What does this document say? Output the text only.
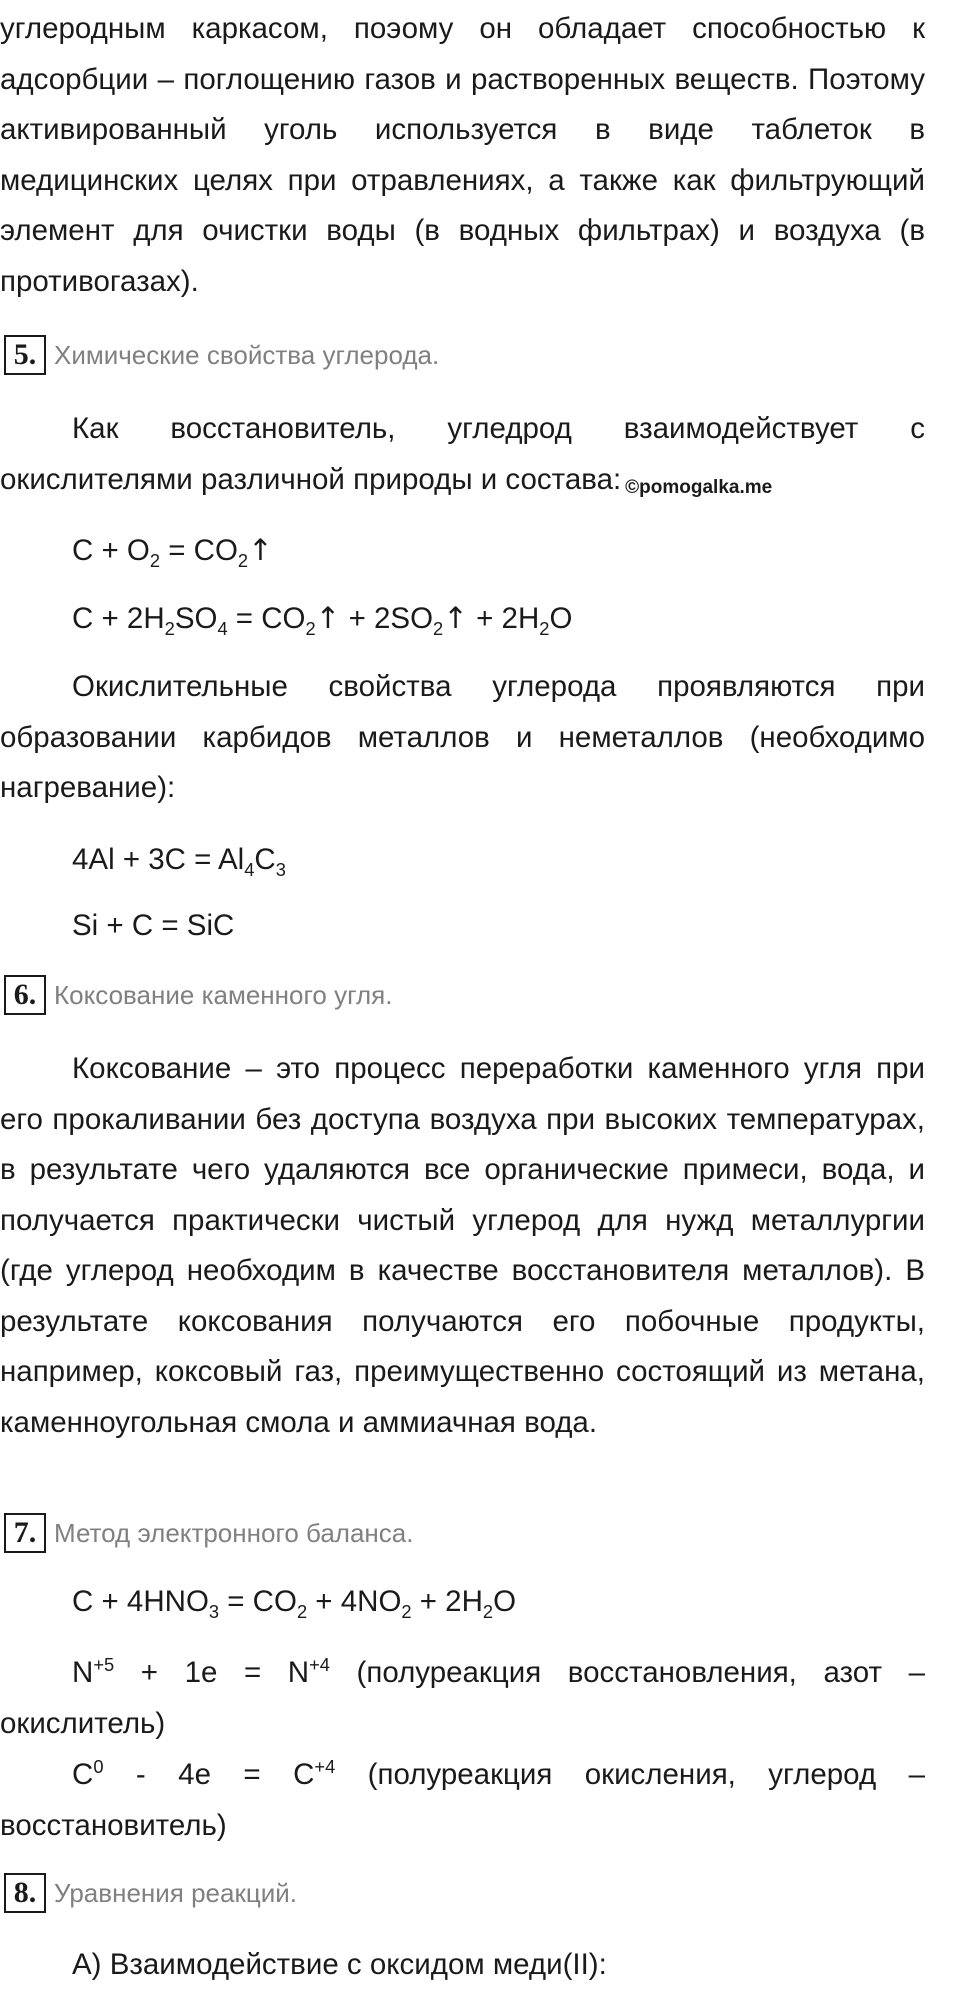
углеродным каркасом, поэому он обладает способностью к адсорбции – поглощению газов и растворенных веществ. Поэтому активированный уголь используется в виде таблеток в медицинских целях при отравлениях, а также как фильтрующий элемент для очистки воды (в водных фильтрах) и воздуха (в противогазах).

5. Химические свойства углерода.

Как восстановитель, угледрод взаимодействует с окислителями различной природы и состава: ©pomogalka.me

$C + O_2$ = $CO_2↑$
$C + 2H_2SO_4$ = $CO_2↑$ + $2SO_2↑ + 2H_2O$

Окислительные свойства углерода проявляются при образовании карбидов металлов и неметаллов (необходимо нагревание):

$4Al + 3C = Al_4C_3$
Si + C = SiC
6. Коксование каменного угля.

Коксование – это процесс переработки каменного угля при его прокаливании без доступа воздуха при высоких температурах, в результате чего удаляются все органические примеси, вода, и получается практически чистый углерод для нужд металлургии (где углерод необходим в качестве восстановителя металлов). В результате коксования получаются его побочные продукты, например, коксовый газ, преимущественно состоящий из метана, каменноугольная смола и аммиачная вода.

7. Метод электронного баланса.
$C + 4HNO_3 = CO_2 + 4NO_2 + 2H_2O$

$N^{+5} + 1e = N^{+4}$ (полуреакция восстановления, азот – окислитель)

$C^0 - 4e = C^{+4}$ (полуреакция окисления, углерод – восстановитель)

8. Уравнения реакций.
А) Взаимодействие с оксидом меди(II):
